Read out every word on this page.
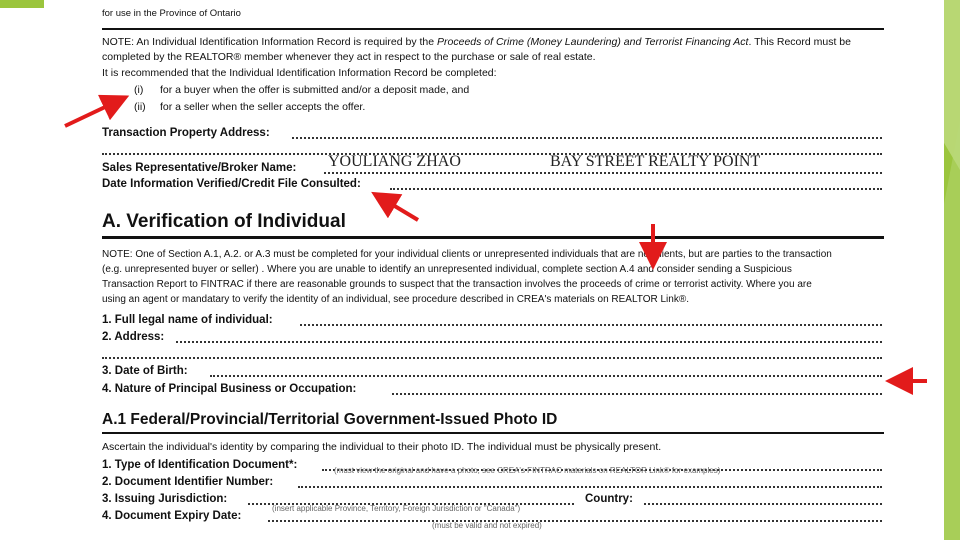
for use in the Province of Ontario
NOTE: An Individual Identification Information Record is required by the Proceeds of Crime (Money Laundering) and Terrorist Financing Act. This Record must be
completed by the REALTOR® member whenever they act in respect to the purchase or sale of real estate.
It is recommended that the Individual Identification Information Record be completed:
(i) for a buyer when the offer is submitted and/or a deposit made, and
(ii) for a seller when the seller accepts the offer.
Transaction Property Address:
Sales Representative/Broker Name: YOULIANG ZHAO	BAY STREET REALTY POINT
Date Information Verified/Credit File Consulted:
A. Verification of Individual
NOTE: One of Section A.1, A.2. or A.3 must be completed for your individual clients or unrepresented individuals that are not clients, but are parties to the transaction
(e.g. unrepresented buyer or seller) . Where you are unable to identify an unrepresented individual, complete section A.4 and consider sending a Suspicious
Transaction Report to FINTRAC if there are reasonable grounds to suspect that the transaction involves the proceeds of crime or terrorist activity. Where you are
using an agent or mandatary to verify the identity of an individual, see procedure described in CREA's materials on REALTOR Link®.
1. Full legal name of individual:
2. Address:
3. Date of Birth:
4. Nature of Principal Business or Occupation:
A.1 Federal/Provincial/Territorial Government-Issued Photo ID
Ascertain the individual's identity by comparing the individual to their photo ID. The individual must be physically present.
1. Type of Identification Document*:	(must view the original and have a photo, see CREA's FINTRAC materials on REALTOR Link® for examples)
2. Document Identifier Number:
3. Issuing Jurisdiction:	Country:
(insert applicable Province, Territory, Foreign Jurisdiction or "Canada")
4. Document Expiry Date:
(must be valid and not expired)
